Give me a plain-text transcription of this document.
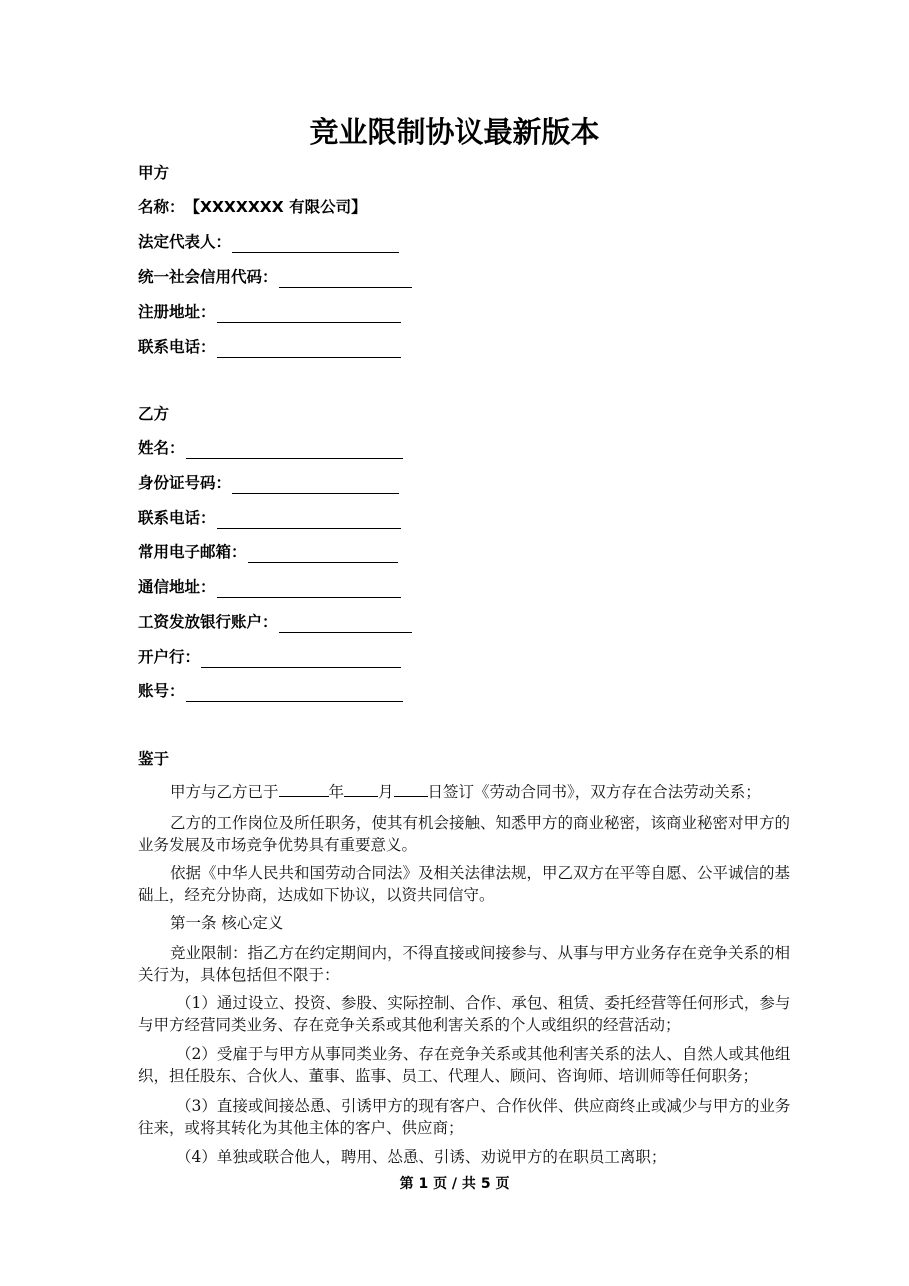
竞业限制协议最新版本
甲方
名称： 【XXXXXXX 有限公司】
法定代表人：
统一社会信用代码：
注册地址：
联系电话：
乙方
姓名：
身份证号码：
联系电话：
常用电子邮箱：
通信地址：
工资发放银行账户：
开户行：
账号：
鉴于
甲方与乙方已于	年 月 日签订《劳动合同书》，双方存在合法劳动关系；
乙方的工作岗位及所任职务，使其有机会接触、知悉甲方的商业秘密，该商业秘密对甲方的业务发展及市场竞争优势具有重要意义。
依据《中华人民共和国劳动合同法》及相关法律法规，甲乙双方在平等自愿、公平诚信的基础上，经充分协商，达成如下协议，以资共同信守。
第一条 核心定义
竞业限制：指乙方在约定期间内，不得直接或间接参与、从事与甲方业务存在竞争关系的相关行为，具体包括但不限于：
（1）通过设立、投资、参股、实际控制、合作、承包、租赁、委托经营等任何形式，参与与甲方经营同类业务、存在竞争关系或其他利害关系的个人或组织的经营活动；
（2）受雇于与甲方从事同类业务、存在竞争关系或其他利害关系的法人、自然人或其他组织，担任股东、合伙人、董事、监事、员工、代理人、顾问、咨询师、培训师等任何职务；
（3）直接或间接怂恿、引诱甲方的现有客户、合作伙伴、供应商终止或减少与甲方的业务往来，或将其转化为其他主体的客户、供应商；
（4）单独或联合他人，聘用、怂恿、引诱、劝说甲方的在职员工离职；
第 1 页 / 共 5 页
